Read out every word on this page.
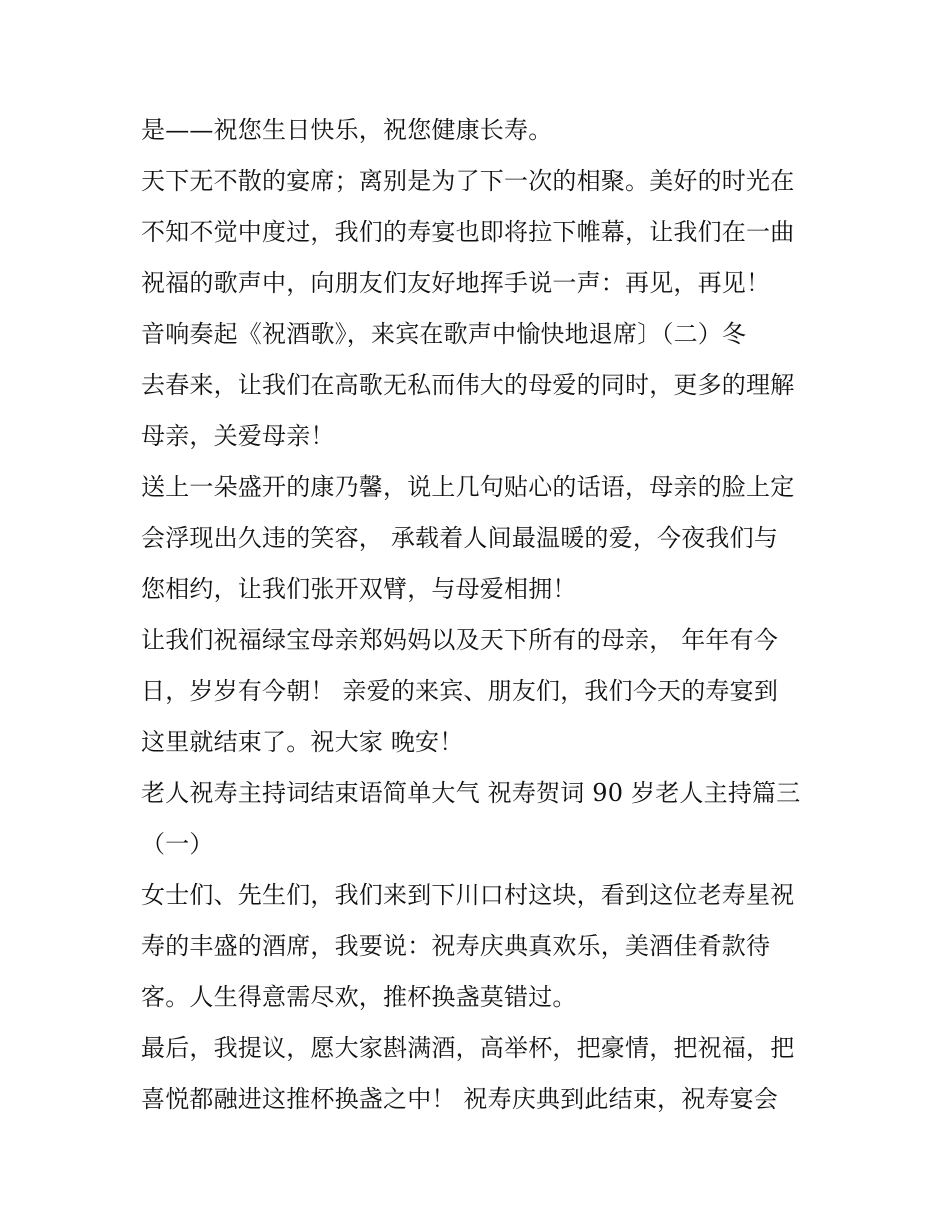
是——祝您生日快乐，祝您健康长寿。
天下无不散的宴席；离别是为了下一次的相聚。美好的时光在
不知不觉中度过，我们的寿宴也即将拉下帷幕，让我们在一曲
祝福的歌声中，向朋友们友好地挥手说一声：再见，再见！
音响奏起《祝酒歌》，来宾在歌声中愉快地退席〕（二）冬
去春来，让我们在高歌无私而伟大的母爱的同时，更多的理解
母亲，关爱母亲！
送上一朵盛开的康乃馨，说上几句贴心的话语，母亲的脸上定
会浮现出久违的笑容， 承载着人间最温暖的爱，今夜我们与
您相约，让我们张开双臂，与母爱相拥！
让我们祝福绿宝母亲郑妈妈以及天下所有的母亲， 年年有今
日，岁岁有今朝！ 亲爱的来宾、朋友们，我们今天的寿宴到
这里就结束了。祝大家 晚安！
老人祝寿主持词结束语简单大气 祝寿贺词 90 岁老人主持篇三
（一）
女士们、先生们，我们来到下川口村这块，看到这位老寿星祝
寿的丰盛的酒席，我要说：祝寿庆典真欢乐，美酒佳肴款待
客。人生得意需尽欢，推杯换盏莫错过。
最后，我提议，愿大家斟满酒，高举杯，把豪情，把祝福，把
喜悦都融进这推杯换盏之中！ 祝寿庆典到此结束，祝寿宴会
